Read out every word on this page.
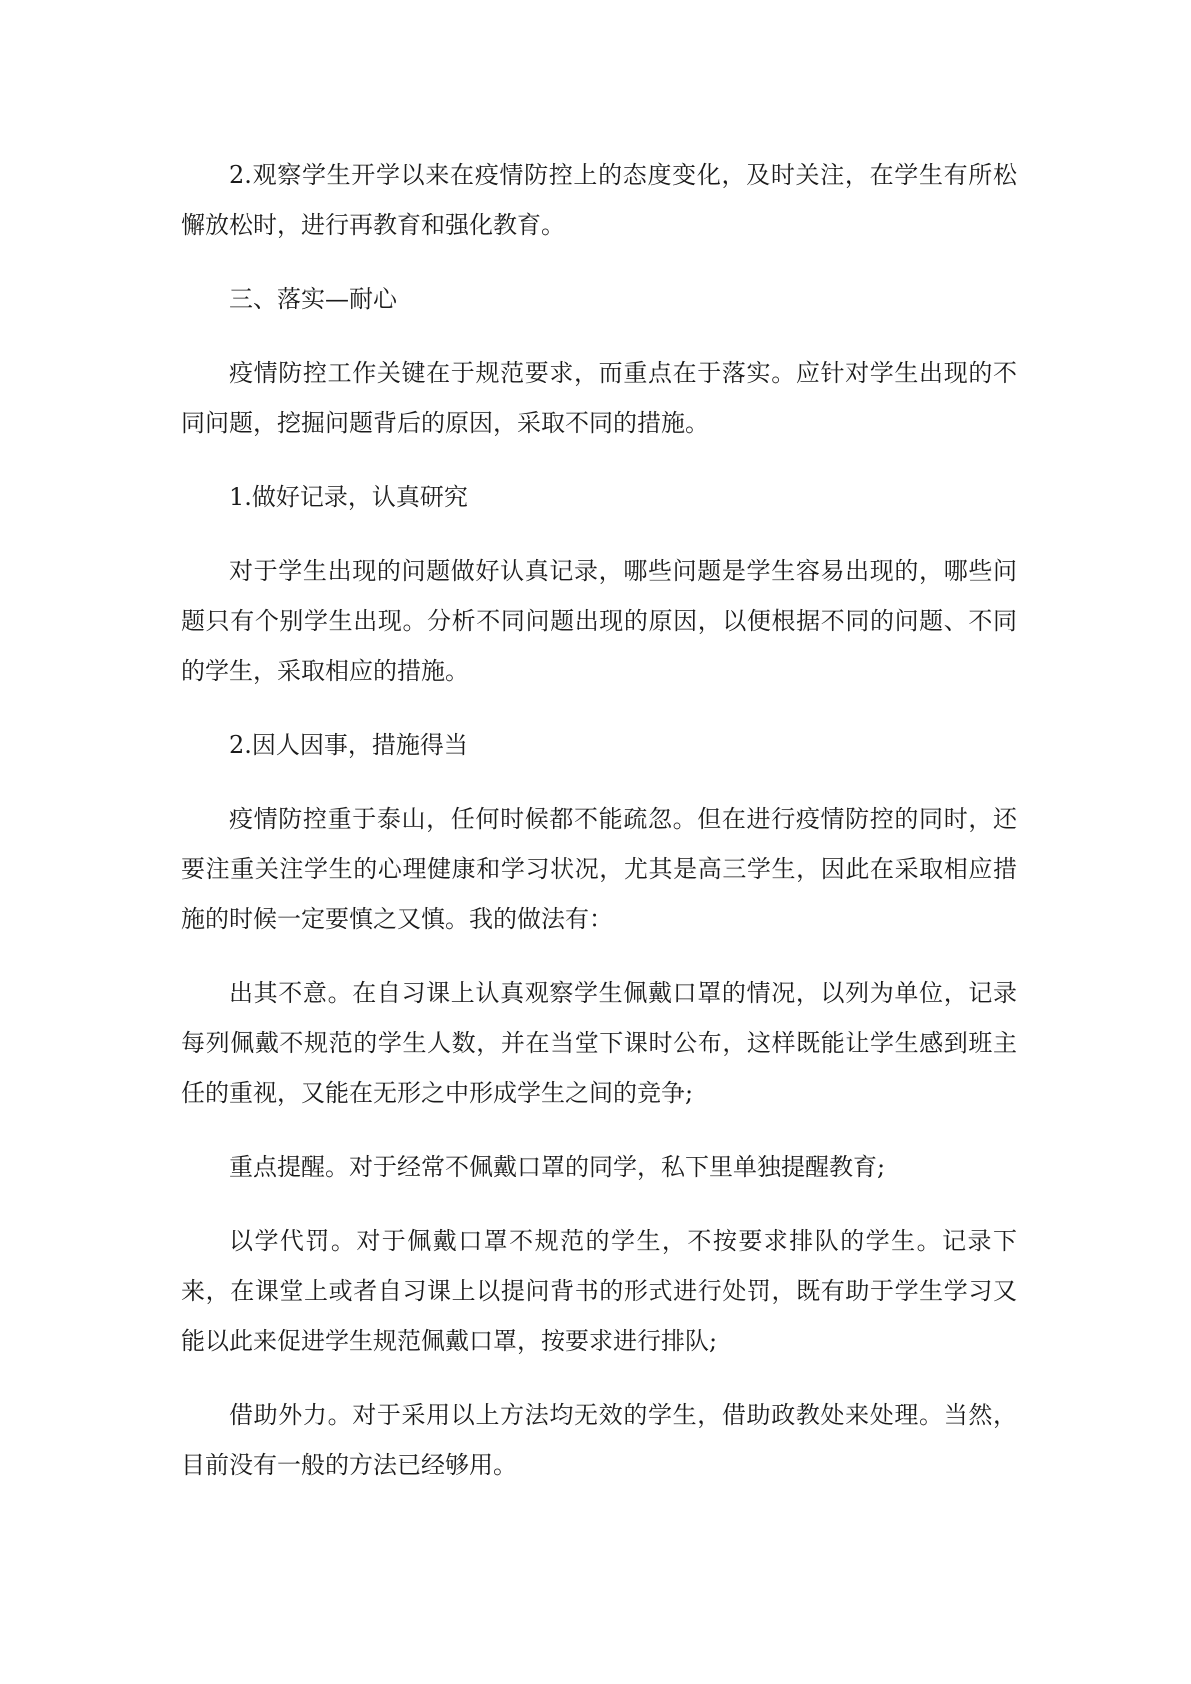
2.观察学生开学以来在疫情防控上的态度变化，及时关注，在学生有所松懈放松时，进行再教育和强化教育。

三、落实—耐心

疫情防控工作关键在于规范要求，而重点在于落实。应针对学生出现的不同问题，挖掘问题背后的原因，采取不同的措施。

1.做好记录，认真研究

对于学生出现的问题做好认真记录，哪些问题是学生容易出现的，哪些问题只有个别学生出现。分析不同问题出现的原因，以便根据不同的问题、不同的学生，采取相应的措施。

2.因人因事，措施得当

疫情防控重于泰山，任何时候都不能疏忽。但在进行疫情防控的同时，还要注重关注学生的心理健康和学习状况，尤其是高三学生，因此在采取相应措施的时候一定要慎之又慎。我的做法有：

出其不意。在自习课上认真观察学生佩戴口罩的情况，以列为单位，记录每列佩戴不规范的学生人数，并在当堂下课时公布，这样既能让学生感到班主任的重视，又能在无形之中形成学生之间的竞争;

重点提醒。对于经常不佩戴口罩的同学，私下里单独提醒教育;

以学代罚。对于佩戴口罩不规范的学生，不按要求排队的学生。记录下来，在课堂上或者自习课上以提问背书的形式进行处罚，既有助于学生学习又能以此来促进学生规范佩戴口罩，按要求进行排队;

借助外力。对于采用以上方法均无效的学生，借助政教处来处理。当然，目前没有一般的方法已经够用。
